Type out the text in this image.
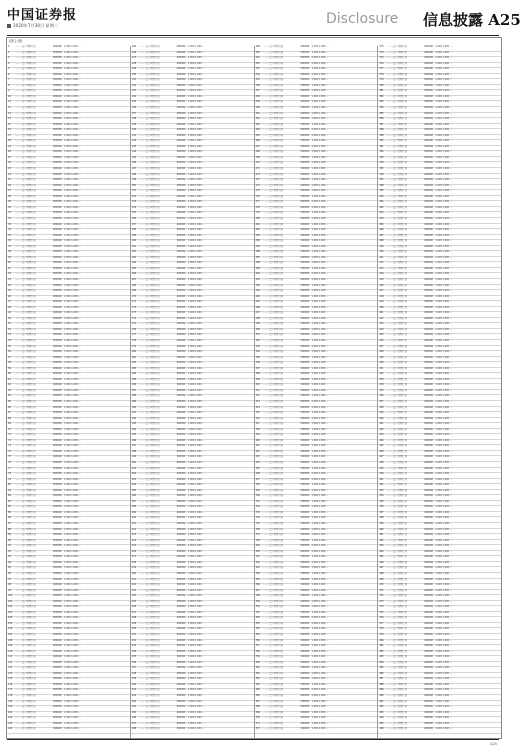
中国证券报
2020年7月30日 星期二	Disclosure 信息披露 A25
(续上表)
1	………资产管理计划	000000 1.000 1.000 …
2	………资产管理计划	000000 1.000 1.000 …
3	………资产管理计划	000000 1.000 1.000 …
4	………资产管理计划	000000 1.000 1.000 …
5	………资产管理计划	000000 1.000 1.000 …
6	………资产管理计划	000000 1.000 1.000 …
7	………资产管理计划	000000 1.000 1.000 …
8	………资产管理计划	000000 1.000 1.000 …
9	………资产管理计划	000000 1.000 1.000 …
10	………资产管理计划	000000 1.000 1.000 …
11	………资产管理计划	000000 1.000 1.000 …
12	………资产管理计划	000000 1.000 1.000 …
13	………资产管理计划	000000 1.000 1.000 …
14	………资产管理计划	000000 1.000 1.000 …
15	………资产管理计划	000000 1.000 1.000 …
16	………资产管理计划	000000 1.000 1.000 …
17	………资产管理计划	000000 1.000 1.000 …
18	………资产管理计划	000000 1.000 1.000 …
19	………资产管理计划	000000 1.000 1.000 …
20	………资产管理计划	000000 1.000 1.000 …
21	………资产管理计划	000000 1.000 1.000 …
22	………资产管理计划	000000 1.000 1.000 …
23	………资产管理计划	000000 1.000 1.000 …
24	………资产管理计划	000000 1.000 1.000 …
25	………资产管理计划	000000 1.000 1.000 …
26	………资产管理计划	000000 1.000 1.000 …
27	………资产管理计划	000000 1.000 1.000 …
28	………资产管理计划	000000 1.000 1.000 …
29	………资产管理计划	000000 1.000 1.000 …
30	………资产管理计划	000000 1.000 1.000 …
31	………资产管理计划	000000 1.000 1.000 …
32	………资产管理计划	000000 1.000 1.000 …
33	………资产管理计划	000000 1.000 1.000 …
34	………资产管理计划	000000 1.000 1.000 …
35	………资产管理计划	000000 1.000 1.000 …
36	………资产管理计划	000000 1.000 1.000 …
37	………资产管理计划	000000 1.000 1.000 …
38	………资产管理计划	000000 1.000 1.000 …
39	………资产管理计划	000000 1.000 1.000 …
40	………资产管理计划	000000 1.000 1.000 …
41	………资产管理计划	000000 1.000 1.000 …
42	………资产管理计划	000000 1.000 1.000 …
43	………资产管理计划	000000 1.000 1.000 …
44	………资产管理计划	000000 1.000 1.000 …
45	………资产管理计划	000000 1.000 1.000 …
46	………资产管理计划	000000 1.000 1.000 …
47	………资产管理计划	000000 1.000 1.000 …
48	………资产管理计划	000000 1.000 1.000 …
49	………资产管理计划	000000 1.000 1.000 …
50	………资产管理计划	000000 1.000 1.000 …
51	………资产管理计划	000000 1.000 1.000 …
52	………资产管理计划	000000 1.000 1.000 …
53	………资产管理计划	000000 1.000 1.000 …
54	………资产管理计划	000000 1.000 1.000 …
55	………资产管理计划	000000 1.000 1.000 …
56	………资产管理计划	000000 1.000 1.000 …
57	………资产管理计划	000000 1.000 1.000 …
58	………资产管理计划	000000 1.000 1.000 …
59	………资产管理计划	000000 1.000 1.000 …
60	………资产管理计划	000000 1.000 1.000 …
61	………资产管理计划	000000 1.000 1.000 …
62	………资产管理计划	000000 1.000 1.000 …
63	………资产管理计划	000000 1.000 1.000 …
64	………资产管理计划	000000 1.000 1.000 …
65	………资产管理计划	000000 1.000 1.000 …
66	………资产管理计划	000000 1.000 1.000 …
67	………资产管理计划	000000 1.000 1.000 …
68	………资产管理计划	000000 1.000 1.000 …
69	………资产管理计划	000000 1.000 1.000 …
70	………资产管理计划	000000 1.000 1.000 …
71	………资产管理计划	000000 1.000 1.000 …
72	………资产管理计划	000000 1.000 1.000 …
73	………资产管理计划	000000 1.000 1.000 …
74	………资产管理计划	000000 1.000 1.000 …
75	………资产管理计划	000000 1.000 1.000 …
76	………资产管理计划	000000 1.000 1.000 …
77	………资产管理计划	000000 1.000 1.000 …
78	………资产管理计划	000000 1.000 1.000 …
79	………资产管理计划	000000 1.000 1.000 …
80	………资产管理计划	000000 1.000 1.000 …
81	………资产管理计划	000000 1.000 1.000 …
82	………资产管理计划	000000 1.000 1.000 …
83	………资产管理计划	000000 1.000 1.000 …
84	………资产管理计划	000000 1.000 1.000 …
85	………资产管理计划	000000 1.000 1.000 …
86	………资产管理计划	000000 1.000 1.000 …
87	………资产管理计划	000000 1.000 1.000 …
88	………资产管理计划	000000 1.000 1.000 …
89	………资产管理计划	000000 1.000 1.000 …
90	………资产管理计划	000000 1.000 1.000 …
91	………资产管理计划	000000 1.000 1.000 …
92	………资产管理计划	000000 1.000 1.000 …
93	………资产管理计划	000000 1.000 1.000 …
94	………资产管理计划	000000 1.000 1.000 …
95	………资产管理计划	000000 1.000 1.000 …
96	………资产管理计划	000000 1.000 1.000 …
97	………资产管理计划	000000 1.000 1.000 …
98	………资产管理计划	000000 1.000 1.000 …
99	………资产管理计划	000000 1.000 1.000 …
100	………资产管理计划	000000 1.000 1.000 …
101	………资产管理计划	000000 1.000 1.000 …
102	………资产管理计划	000000 1.000 1.000 …
103	………资产管理计划	000000 1.000 1.000 …
104	………资产管理计划	000000 1.000 1.000 …
105	………资产管理计划	000000 1.000 1.000 …
106	………资产管理计划	000000 1.000 1.000 …
107	………资产管理计划	000000 1.000 1.000 …
108	………资产管理计划	000000 1.000 1.000 …
109	………资产管理计划	000000 1.000 1.000 …
110	………资产管理计划	000000 1.000 1.000 …
111	………资产管理计划	000000 1.000 1.000 …
112	………资产管理计划	000000 1.000 1.000 …
113	………资产管理计划	000000 1.000 1.000 …
114	………资产管理计划	000000 1.000 1.000 …
115	………资产管理计划	000000 1.000 1.000 …
116	………资产管理计划	000000 1.000 1.000 …
117	………资产管理计划	000000 1.000 1.000 …
118	………资产管理计划	000000 1.000 1.000 …
119	………资产管理计划	000000 1.000 1.000 …
120	………资产管理计划	000000 1.000 1.000 …
121	………资产管理计划	000000 1.000 1.000 …
122	………资产管理计划	000000 1.000 1.000 …
123	………资产管理计划	000000 1.000 1.000 …
124	………资产管理计划	000000 1.000 1.000 …
125	………资产管理计划	000000 1.000 1.000 …
126	………资产管理计划	000000 1.000 1.000 …
127	………资产管理计划	000000 1.000 1.000 …
128	………资产管理计划	000000 1.000 1.000 …
129	………资产管理计划	000000 1.000 1.000 …
130	………资产管理计划	000000 1.000 1.000 …
131	………资产管理计划	000000 1.000 1.000 …
132	………资产管理计划	000000 1.000 1.000 …
133	………资产管理计划	000000 1.000 1.000 …
134	………资产管理计划	000000 1.000 1.000 …
135	………资产管理计划	000000 1.000 1.000 …
136	………资产管理计划	000000 1.000 1.000 …
137	………资产管理计划	000000 1.000 1.000 …
138	………资产管理计划	000000 1.000 1.000 …
139	………资产管理计划	000000 1.000 1.000 …
140	………资产管理计划	000000 1.000 1.000 …
141	………资产管理计划	000000 1.000 1.000 …
142	………资产管理计划	000000 1.000 1.000 …
143	………资产管理计划	000000 1.000 1.000 …
144	………资产管理计划	000000 1.000 1.000 …
145	………资产管理计划	000000 1.000 1.000 …
146	………资产管理计划	000000 1.000 1.000 …
147	………资产管理计划	000000 1.000 1.000 …
148	………资产管理计划	000000 1.000 1.000 …
149	………资产管理计划	000000 1.000 1.000 …
150	………资产管理计划	000000 1.000 1.000 …
151	………资产管理计划	000000 1.000 1.000 …
152	………资产管理计划	000000 1.000 1.000 …
153	………资产管理计划	000000 1.000 1.000 …
154	………资产管理计划	000000 1.000 1.000 …
155	………资产管理计划	000000 1.000 1.000 …
156	………资产管理计划	000000 1.000 1.000 …
157	………资产管理计划	000000 1.000 1.000 …
158	………资产管理计划	000000 1.000 1.000 …
159	………资产管理计划	000000 1.000 1.000 …
160	………资产管理计划	000000 1.000 1.000 …
161	………资产管理计划	000000 1.000 1.000 …
162	………资产管理计划	000000 1.000 1.000 …
163	………资产管理计划	000000 1.000 1.000 …
164	………资产管理计划	000000 1.000 1.000 …
165	………资产管理计划	000000 1.000 1.000 …
166	………资产管理计划	000000 1.000 1.000 …
167	………资产管理计划	000000 1.000 1.000 …
168	………资产管理计划	000000 1.000 1.000 …
169	………资产管理计划	000000 1.000 1.000 …
170	………资产管理计划	000000 1.000 1.000 …
171	………资产管理计划	000000 1.000 1.000 …
172	………资产管理计划	000000 1.000 1.000 …
173	………资产管理计划	000000 1.000 1.000 …
174	………资产管理计划	000000 1.000 1.000 …
175	………资产管理计划	000000 1.000 1.000 …
176	………资产管理计划	000000 1.000 1.000 …
177	………资产管理计划	000000 1.000 1.000 …
178	………资产管理计划	000000 1.000 1.000 …
179	………资产管理计划	000000 1.000 1.000 …
180	………资产管理计划	000000 1.000 1.000 …
181	………资产管理计划	000000 1.000 1.000 …
182	………资产管理计划	000000 1.000 1.000 …
183	………资产管理计划	000000 1.000 1.000 …
184	………资产管理计划	000000 1.000 1.000 …
185	………资产管理计划	000000 1.000 1.000 …
186	………资产管理计划	000000 1.000 1.000 …
187	………资产管理计划	000000 1.000 1.000 …
188	………资产管理计划	000000 1.000 1.000 …
189	………资产管理计划	000000 1.000 1.000 …
190	………资产管理计划	000000 1.000 1.000 …
191	………资产管理计划	000000 1.000 1.000 …
192	………资产管理计划	000000 1.000 1.000 …
193	………资产管理计划	000000 1.000 1.000 …
194	………资产管理计划	000000 1.000 1.000 …
195	………资产管理计划	000000 1.000 1.000 …
196	………资产管理计划	000000 1.000 1.000 …
197	………资产管理计划	000000 1.000 1.000 …
198	………资产管理计划	000000 1.000 1.000 …
199	………资产管理计划	000000 1.000 1.000 …
200	………资产管理计划	000000 1.000 1.000 …
201	………资产管理计划	000000 1.000 1.000 …
202	………资产管理计划	000000 1.000 1.000 …
203	………资产管理计划	000000 1.000 1.000 …
204	………资产管理计划	000000 1.000 1.000 …
205	………资产管理计划	000000 1.000 1.000 …
206	………资产管理计划	000000 1.000 1.000 …
207	………资产管理计划	000000 1.000 1.000 …
208	………资产管理计划	000000 1.000 1.000 …
209	………资产管理计划	000000 1.000 1.000 …
210	………资产管理计划	000000 1.000 1.000 …
211	………资产管理计划	000000 1.000 1.000 …
212	………资产管理计划	000000 1.000 1.000 …
213	………资产管理计划	000000 1.000 1.000 …
214	………资产管理计划	000000 1.000 1.000 …
215	………资产管理计划	000000 1.000 1.000 …
216	………资产管理计划	000000 1.000 1.000 …
217	………资产管理计划	000000 1.000 1.000 …
218	………资产管理计划	000000 1.000 1.000 …
219	………资产管理计划	000000 1.000 1.000 …
220	………资产管理计划	000000 1.000 1.000 …
221	………资产管理计划	000000 1.000 1.000 …
222	………资产管理计划	000000 1.000 1.000 …
223	………资产管理计划	000000 1.000 1.000 …
224	………资产管理计划	000000 1.000 1.000 …
225	………资产管理计划	000000 1.000 1.000 …
226	………资产管理计划	000000 1.000 1.000 …
227	………资产管理计划	000000 1.000 1.000 …
228	………资产管理计划	000000 1.000 1.000 …
229	………资产管理计划	000000 1.000 1.000 …
230	………资产管理计划	000000 1.000 1.000 …
231	………资产管理计划	000000 1.000 1.000 …
232	………资产管理计划	000000 1.000 1.000 …
233	………资产管理计划	000000 1.000 1.000 …
234	………资产管理计划	000000 1.000 1.000 …
235	………资产管理计划	000000 1.000 1.000 …
236	………资产管理计划	000000 1.000 1.000 …
237	………资产管理计划	000000 1.000 1.000 …
238	………资产管理计划	000000 1.000 1.000 …
239	………资产管理计划	000000 1.000 1.000 …
240	………资产管理计划	000000 1.000 1.000 …
241	………资产管理计划	000000 1.000 1.000 …
242	………资产管理计划	000000 1.000 1.000 …
243	………资产管理计划	000000 1.000 1.000 …
244	………资产管理计划	000000 1.000 1.000 …
245	………资产管理计划	000000 1.000 1.000 …
246	………资产管理计划	000000 1.000 1.000 …
247	………资产管理计划	000000 1.000 1.000 …
248	………资产管理计划	000000 1.000 1.000 …
249	………资产管理计划	000000 1.000 1.000 …
250	………资产管理计划	000000 1.000 1.000 …
251	………资产管理计划	000000 1.000 1.000 …
252	………资产管理计划	000000 1.000 1.000 …
253	………资产管理计划	000000 1.000 1.000 …
254	………资产管理计划	000000 1.000 1.000 …
255	………资产管理计划	000000 1.000 1.000 …
256	………资产管理计划	000000 1.000 1.000 …
257	………资产管理计划	000000 1.000 1.000 …
258	………资产管理计划	000000 1.000 1.000 …
259	………资产管理计划	000000 1.000 1.000 …
260	………资产管理计划	000000 1.000 1.000 …
261	………资产管理计划	000000 1.000 1.000 …
262	………资产管理计划	000000 1.000 1.000 …
263	………资产管理计划	000000 1.000 1.000 …
264	………资产管理计划	000000 1.000 1.000 …
265	………资产管理计划	000000 1.000 1.000 …
266	………资产管理计划	000000 1.000 1.000 …
267	………资产管理计划	000000 1.000 1.000 …
268	………资产管理计划	000000 1.000 1.000 …
269	………资产管理计划	000000 1.000 1.000 …
270	………资产管理计划	000000 1.000 1.000 …
271	………资产管理计划	000000 1.000 1.000 …
272	………资产管理计划	000000 1.000 1.000 …
273	………资产管理计划	000000 1.000 1.000 …
274	………资产管理计划	000000 1.000 1.000 …
275	………资产管理计划	000000 1.000 1.000 …
276	………资产管理计划	000000 1.000 1.000 …
277	………资产管理计划	000000 1.000 1.000 …
278	………资产管理计划	000000 1.000 1.000 …
279	………资产管理计划	000000 1.000 1.000 …
280	………资产管理计划	000000 1.000 1.000 …
281	………资产管理计划	000000 1.000 1.000 …
282	………资产管理计划	000000 1.000 1.000 …
283	………资产管理计划	000000 1.000 1.000 …
284	………资产管理计划	000000 1.000 1.000 …
285	………资产管理计划	000000 1.000 1.000 …
286	………资产管理计划	000000 1.000 1.000 …
287	………资产管理计划	000000 1.000 1.000 …
288	………资产管理计划	000000 1.000 1.000 …
289	………资产管理计划	000000 1.000 1.000 …
290	………资产管理计划	000000 1.000 1.000 …
291	………资产管理计划	000000 1.000 1.000 …
292	………资产管理计划	000000 1.000 1.000 …
293	………资产管理计划	000000 1.000 1.000 …
294	………资产管理计划	000000 1.000 1.000 …
295	………资产管理计划	000000 1.000 1.000 …
296	………资产管理计划	000000 1.000 1.000 …
297	………资产管理计划	000000 1.000 1.000 …
298	………资产管理计划	000000 1.000 1.000 …
299	………资产管理计划	000000 1.000 1.000 …
300	………资产管理计划	000000 1.000 1.000 …
301	………资产管理计划	000000 1.000 1.000 …
302	………资产管理计划	000000 1.000 1.000 …
303	………资产管理计划	000000 1.000 1.000 …
304	………资产管理计划	000000 1.000 1.000 …
305	………资产管理计划	000000 1.000 1.000 …
306	………资产管理计划	000000 1.000 1.000 …
307	………资产管理计划	000000 1.000 1.000 …
308	………资产管理计划	000000 1.000 1.000 …
309	………资产管理计划	000000 1.000 1.000 …
310	………资产管理计划	000000 1.000 1.000 …
311	………资产管理计划	000000 1.000 1.000 …
312	………资产管理计划	000000 1.000 1.000 …
313	………资产管理计划	000000 1.000 1.000 …
314	………资产管理计划	000000 1.000 1.000 …
315	………资产管理计划	000000 1.000 1.000 …
316	………资产管理计划	000000 1.000 1.000 …
317	………资产管理计划	000000 1.000 1.000 …
318	………资产管理计划	000000 1.000 1.000 …
319	………资产管理计划	000000 1.000 1.000 …
320	………资产管理计划	000000 1.000 1.000 …
321	………资产管理计划	000000 1.000 1.000 …
322	………资产管理计划	000000 1.000 1.000 …
323	………资产管理计划	000000 1.000 1.000 …
324	………资产管理计划	000000 1.000 1.000 …
325	………资产管理计划	000000 1.000 1.000 …
326	………资产管理计划	000000 1.000 1.000 …
327	………资产管理计划	000000 1.000 1.000 …
328	………资产管理计划	000000 1.000 1.000 …
329	………资产管理计划	000000 1.000 1.000 …
330	………资产管理计划	000000 1.000 1.000 …
331	………资产管理计划	000000 1.000 1.000 …
332	………资产管理计划	000000 1.000 1.000 …
333	………资产管理计划	000000 1.000 1.000 …
334	………资产管理计划	000000 1.000 1.000 …
335	………资产管理计划	000000 1.000 1.000 …
336	………资产管理计划	000000 1.000 1.000 …
337	………资产管理计划	000000 1.000 1.000 …
338	………资产管理计划	000000 1.000 1.000 …
339	………资产管理计划	000000 1.000 1.000 …
340	………资产管理计划	000000 1.000 1.000 …
341	………资产管理计划	000000 1.000 1.000 …
342	………资产管理计划	000000 1.000 1.000 …
343	………资产管理计划	000000 1.000 1.000 …
344	………资产管理计划	000000 1.000 1.000 …
345	………资产管理计划	000000 1.000 1.000 …
346	………资产管理计划	000000 1.000 1.000 …
347	………资产管理计划	000000 1.000 1.000 …
348	………资产管理计划	000000 1.000 1.000 …
349	………资产管理计划	000000 1.000 1.000 …
350	………资产管理计划	000000 1.000 1.000 …
351	………资产管理计划	000000 1.000 1.000 …
352	………资产管理计划	000000 1.000 1.000 …
353	………资产管理计划	000000 1.000 1.000 …
354	………资产管理计划	000000 1.000 1.000 …
355	………资产管理计划	000000 1.000 1.000 …
356	………资产管理计划	000000 1.000 1.000 …
357	………资产管理计划	000000 1.000 1.000 …
358	………资产管理计划	000000 1.000 1.000 …
359	………资产管理计划	000000 1.000 1.000 …
360	………资产管理计划	000000 1.000 1.000 …
361	………资产管理计划	000000 1.000 1.000 …
362	………资产管理计划	000000 1.000 1.000 …
363	………资产管理计划	000000 1.000 1.000 …
364	………资产管理计划	000000 1.000 1.000 …
365	………资产管理计划	000000 1.000 1.000 …
366	………资产管理计划	000000 1.000 1.000 …
367	………资产管理计划	000000 1.000 1.000 …
368	………资产管理计划	000000 1.000 1.000 …
369	………资产管理计划	000000 1.000 1.000 …
370	………资产管理计划	000000 1.000 1.000 …
371	………资产管理计划	000000 1.000 1.000 …
372	………资产管理计划	000000 1.000 1.000 …
373	………资产管理计划	000000 1.000 1.000 …
374	………资产管理计划	000000 1.000 1.000 …
375	………资产管理计划	000000 1.000 1.000 …
376	………资产管理计划	000000 1.000 1.000 …
377	………资产管理计划	000000 1.000 1.000 …
378	………资产管理计划	000000 1.000 1.000 …
379	………资产管理计划	000000 1.000 1.000 …
380	………资产管理计划	000000 1.000 1.000 …
381	………资产管理计划	000000 1.000 1.000 …
382	………资产管理计划	000000 1.000 1.000 …
383	………资产管理计划	000000 1.000 1.000 …
384	………资产管理计划	000000 1.000 1.000 …
385	………资产管理计划	000000 1.000 1.000 …
386	………资产管理计划	000000 1.000 1.000 …
387	………资产管理计划	000000 1.000 1.000 …
388	………资产管理计划	000000 1.000 1.000 …
389	………资产管理计划	000000 1.000 1.000 …
390	………资产管理计划	000000 1.000 1.000 …
391	………资产管理计划	000000 1.000 1.000 …
392	………资产管理计划	000000 1.000 1.000 …
393	………资产管理计划	000000 1.000 1.000 …
394	………资产管理计划	000000 1.000 1.000 …
395	………资产管理计划	000000 1.000 1.000 …
396	………资产管理计划	000000 1.000 1.000 …
397	………资产管理计划	000000 1.000 1.000 …
398	………资产管理计划	000000 1.000 1.000 …
399	………资产管理计划	000000 1.000 1.000 …
400	………资产管理计划	000000 1.000 1.000 …
401	………资产管理计划	000000 1.000 1.000 …
402	………资产管理计划	000000 1.000 1.000 …
403	………资产管理计划	000000 1.000 1.000 …
404	………资产管理计划	000000 1.000 1.000 …
405	………资产管理计划	000000 1.000 1.000 …
406	………资产管理计划	000000 1.000 1.000 …
407	………资产管理计划	000000 1.000 1.000 …
408	………资产管理计划	000000 1.000 1.000 …
409	………资产管理计划	000000 1.000 1.000 …
410	………资产管理计划	000000 1.000 1.000 …
411	………资产管理计划	000000 1.000 1.000 …
412	………资产管理计划	000000 1.000 1.000 …
413	………资产管理计划	000000 1.000 1.000 …
414	………资产管理计划	000000 1.000 1.000 …
415	………资产管理计划	000000 1.000 1.000 …
416	………资产管理计划	000000 1.000 1.000 …
417	………资产管理计划	000000 1.000 1.000 …
418	………资产管理计划	000000 1.000 1.000 …
419	………资产管理计划	000000 1.000 1.000 …
420	………资产管理计划	000000 1.000 1.000 …
421	………资产管理计划	000000 1.000 1.000 …
422	………资产管理计划	000000 1.000 1.000 …
423	………资产管理计划	000000 1.000 1.000 …
424	………资产管理计划	000000 1.000 1.000 …
425	………资产管理计划	000000 1.000 1.000 …
426	………资产管理计划	000000 1.000 1.000 …
427	………资产管理计划	000000 1.000 1.000 …
428	………资产管理计划	000000 1.000 1.000 …
429	………资产管理计划	000000 1.000 1.000 …
430	………资产管理计划	000000 1.000 1.000 …
431	………资产管理计划	000000 1.000 1.000 …
432	………资产管理计划	000000 1.000 1.000 …
433	………资产管理计划	000000 1.000 1.000 …
434	………资产管理计划	000000 1.000 1.000 …
435	………资产管理计划	000000 1.000 1.000 …
436	………资产管理计划	000000 1.000 1.000 …
437	………资产管理计划	000000 1.000 1.000 …
438	………资产管理计划	000000 1.000 1.000 …
439	………资产管理计划	000000 1.000 1.000 …
440	………资产管理计划	000000 1.000 1.000 …
441	………资产管理计划	000000 1.000 1.000 …
442	………资产管理计划	000000 1.000 1.000 …
443	………资产管理计划	000000 1.000 1.000 …
444	………资产管理计划	000000 1.000 1.000 …
445	………资产管理计划	000000 1.000 1.000 …
446	………资产管理计划	000000 1.000 1.000 …
447	………资产管理计划	000000 1.000 1.000 …
448	………资产管理计划	000000 1.000 1.000 …
449	………资产管理计划	000000 1.000 1.000 …
450	………资产管理计划	000000 1.000 1.000 …
451	………资产管理计划	000000 1.000 1.000 …
452	………资产管理计划	000000 1.000 1.000 …
453	………资产管理计划	000000 1.000 1.000 …
454	………资产管理计划	000000 1.000 1.000 …
455	………资产管理计划	000000 1.000 1.000 …
456	………资产管理计划	000000 1.000 1.000 …
457	………资产管理计划	000000 1.000 1.000 …
458	………资产管理计划	000000 1.000 1.000 …
459	………资产管理计划	000000 1.000 1.000 …
460	………资产管理计划	000000 1.000 1.000 …
461	………资产管理计划	000000 1.000 1.000 …
462	………资产管理计划	000000 1.000 1.000 …
463	………资产管理计划	000000 1.000 1.000 …
464	………资产管理计划	000000 1.000 1.000 …
465	………资产管理计划	000000 1.000 1.000 …
466	………资产管理计划	000000 1.000 1.000 …
467	………资产管理计划	000000 1.000 1.000 …
468	………资产管理计划	000000 1.000 1.000 …
469	………资产管理计划	000000 1.000 1.000 …
470	………资产管理计划	000000 1.000 1.000 …
471	………资产管理计划	000000 1.000 1.000 …
472	………资产管理计划	000000 1.000 1.000 …
473	………资产管理计划	000000 1.000 1.000 …
474	………资产管理计划	000000 1.000 1.000 …
475	………资产管理计划	000000 1.000 1.000 …
476	………资产管理计划	000000 1.000 1.000 …
477	………资产管理计划	000000 1.000 1.000 …
478	………资产管理计划	000000 1.000 1.000 …
479	………资产管理计划	000000 1.000 1.000 …
480	………资产管理计划	000000 1.000 1.000 …
481	………资产管理计划	000000 1.000 1.000 …
482	………资产管理计划	000000 1.000 1.000 …
483	………资产管理计划	000000 1.000 1.000 …
484	………资产管理计划	000000 1.000 1.000 …
485	………资产管理计划	000000 1.000 1.000 …
486	………资产管理计划	000000 1.000 1.000 …
487	………资产管理计划	000000 1.000 1.000 …
488	………资产管理计划	000000 1.000 1.000 …
489	………资产管理计划	000000 1.000 1.000 …
490	………资产管理计划	000000 1.000 1.000 …
491	………资产管理计划	000000 1.000 1.000 …
492	………资产管理计划	000000 1.000 1.000 …
493	………资产管理计划	000000 1.000 1.000 …
494	………资产管理计划	000000 1.000 1.000 …
495	………资产管理计划	000000 1.000 1.000 …
496	………资产管理计划	000000 1.000 1.000 …
A25
